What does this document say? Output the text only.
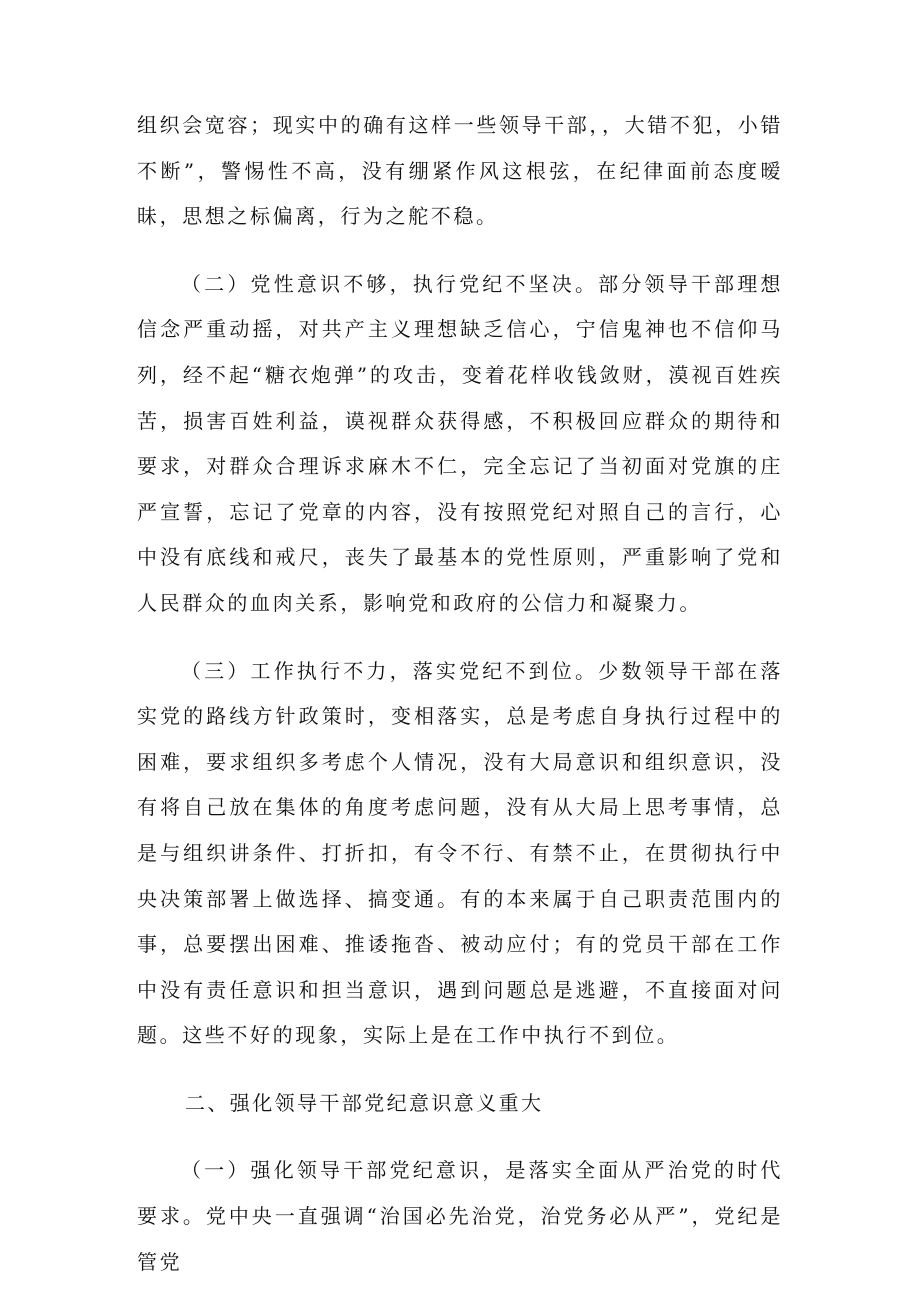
组织会宽容；现实中的确有这样一些领导干部，，大错不犯，小错不断”，警惕性不高，没有绷紧作风这根弦，在纪律面前态度暧昧，思想之标偏离，行为之舵不稳。

（二）党性意识不够，执行党纪不坚决。部分领导干部理想信念严重动摇，对共产主义理想缺乏信心，宁信鬼神也不信仰马列，经不起“糖衣炮弹”的攻击，变着花样收钱敛财，漠视百姓疾苦，损害百姓利益，谟视群众获得感，不积极回应群众的期待和要求，对群众合理诉求麻木不仁，完全忘记了当初面对党旗的庄严宣誓，忘记了党章的内容，没有按照党纪对照自己的言行，心中没有底线和戒尺，丧失了最基本的党性原则，严重影响了党和人民群众的血肉关系，影响党和政府的公信力和凝聚力。

（三）工作执行不力，落实党纪不到位。少数领导干部在落实党的路线方针政策时，变相落实，总是考虑自身执行过程中的困难，要求组织多考虑个人情况，没有大局意识和组织意识，没有将自己放在集体的角度考虑问题，没有从大局上思考事情，总是与组织讲条件、打折扣，有令不行、有禁不止，在贯彻执行中央决策部署上做选择、搞变通。有的本来属于自己职责范围内的事，总要摆出困难、推诿拖沓、被动应付；有的党员干部在工作中没有责任意识和担当意识，遇到问题总是逃避，不直接面对问题。这些不好的现象，实际上是在工作中执行不到位。

二、强化领导干部党纪意识意义重大

（一）强化领导干部党纪意识，是落实全面从严治党的时代要求。党中央一直强调“治国必先治党，治党务必从严”，党纪是管党
